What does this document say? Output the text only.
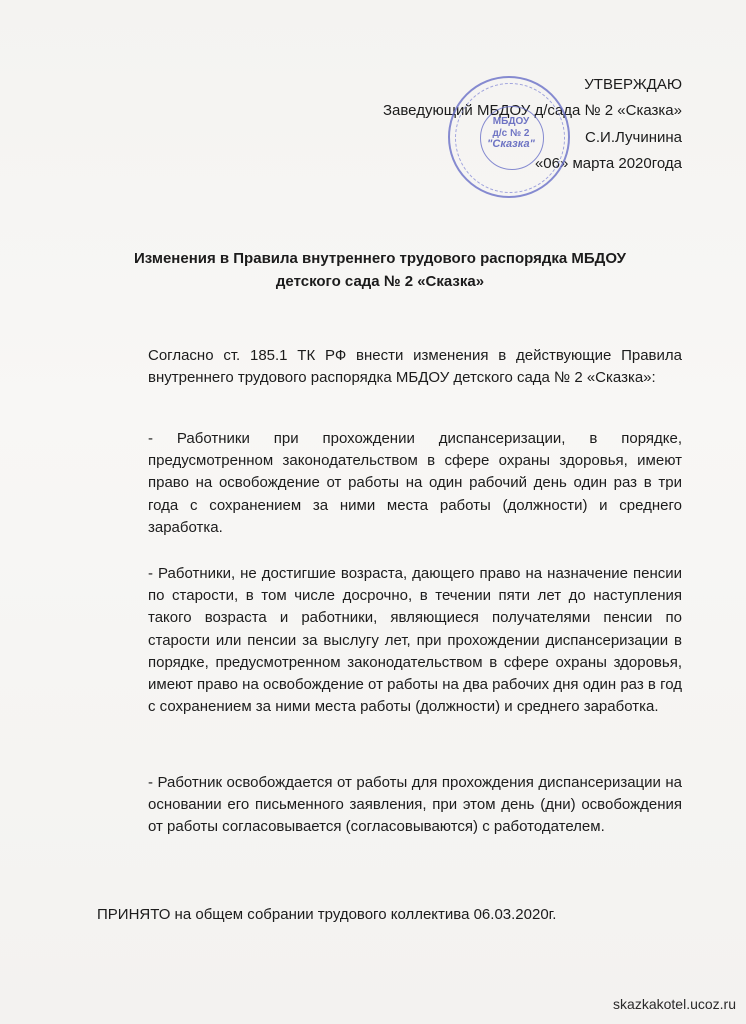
УТВЕРЖДАЮ
Заведующий МБДОУ д/сада № 2 «Сказка»
С.И.Лучинина
«06» марта 2020года
МБДОУ
д/с № 2
"Сказка"
Изменения в Правила внутреннего трудового распорядка МБДОУ
детского сада № 2 «Сказка»
Согласно ст. 185.1 ТК РФ внести изменения в действующие Правила внутреннего трудового распорядка МБДОУ детского сада № 2 «Сказка»:
- Работники при прохождении диспансеризации, в порядке, предусмотренном законодательством в сфере охраны здоровья, имеют право на освобождение от работы на один рабочий день один раз в три года с сохранением за ними места работы (должности) и среднего заработка.
- Работники, не достигшие возраста, дающего право на назначение пенсии по старости, в том числе досрочно, в течении пяти лет до наступления такого возраста и работники, являющиеся получателями пенсии по старости или пенсии за выслугу лет, при прохождении диспансеризации в порядке, предусмотренном законодательством в сфере охраны здоровья, имеют право на освобождение от работы на два рабочих дня один раз в год с сохранением за ними места работы (должности) и среднего заработка.
- Работник освобождается от работы для прохождения диспансеризации на основании его письменного заявления, при этом день (дни) освобождения от работы согласовывается (согласовываются) с работодателем.
ПРИНЯТО на общем собрании трудового коллектива 06.03.2020г.
skazkakotel.ucoz.ru
